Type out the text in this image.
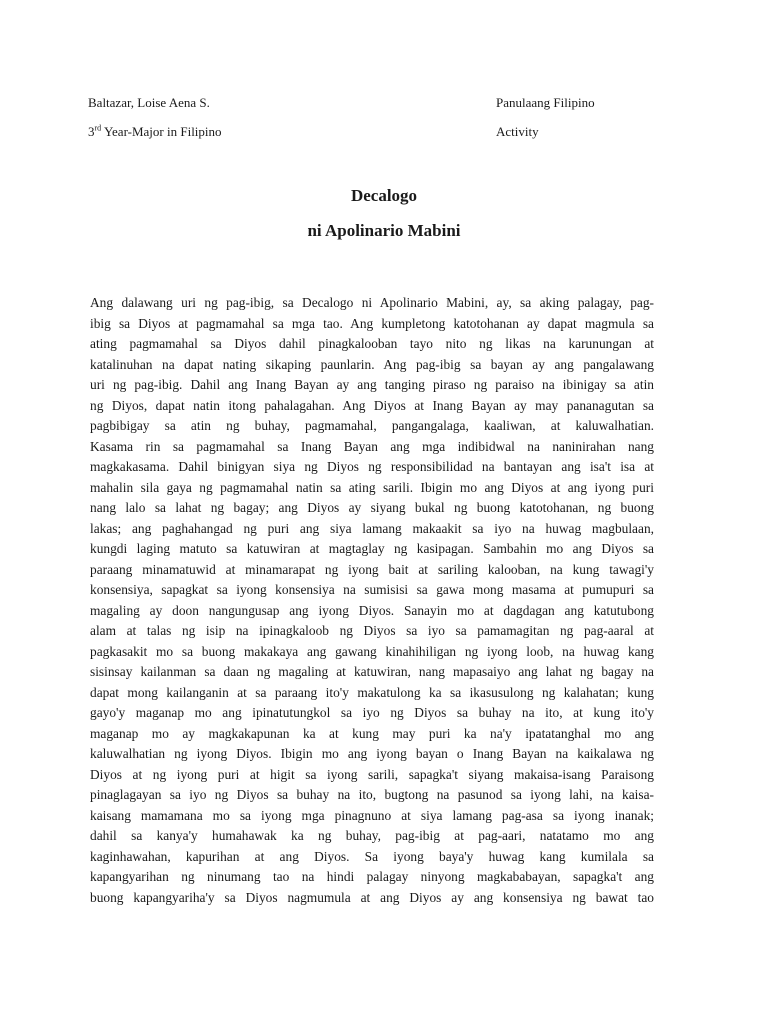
Baltazar, Loise Aena S.
3rd Year-Major in Filipino
Panulaang Filipino
Activity
Decalogo
ni Apolinario Mabini
Ang dalawang uri ng pag-ibig, sa Decalogo ni Apolinario Mabini, ay, sa aking palagay, pag-
ibig sa Diyos at pagmamahal sa mga tao. Ang kumpletong katotohanan ay dapat magmula sa
ating pagmamahal sa Diyos dahil pinagkalooban tayo nito ng likas na karunungan at
katalinuhan na dapat nating sikaping paunlarin. Ang pag-ibig sa bayan ay ang pangalawang
uri ng pag-ibig. Dahil ang Inang Bayan ay ang tanging piraso ng paraiso na ibinigay sa atin
ng Diyos, dapat natin itong pahalagahan. Ang Diyos at Inang Bayan ay may pananagutan sa
pagbibigay sa atin ng buhay, pagmamahal, pangangalaga, kaaliwan, at kaluwalhatian.
Kasama rin sa pagmamahal sa Inang Bayan ang mga indibidwal na naninirahan nang
magkakasama. Dahil binigyan siya ng Diyos ng responsibilidad na bantayan ang isa't isa at
mahalin sila gaya ng pagmamahal natin sa ating sarili. Ibigin mo ang Diyos at ang iyong puri
nang lalo sa lahat ng bagay; ang Diyos ay siyang bukal ng buong katotohanan, ng buong
lakas; ang paghahangad ng puri ang siya lamang makaakit sa iyo na huwag magbulaan,
kungdi laging matuto sa katuwiran at magtaglay ng kasipagan. Sambahin mo ang Diyos sa
paraang minamatuwid at minamarapat ng iyong bait at sariling kalooban, na kung tawagi'y
konsensiya, sapagkat sa iyong konsensiya na sumisisi sa gawa mong masama at pumupuri sa
magaling ay doon nangungusap ang iyong Diyos. Sanayin mo at dagdagan ang katutubong
alam at talas ng isip na ipinagkaloob ng Diyos sa iyo sa pamamagitan ng pag-aaral at
pagkasakit mo sa buong makakaya ang gawang kinahihiligan ng iyong loob, na huwag kang
sisinsay kailanman sa daan ng magaling at katuwiran, nang mapasaiyo ang lahat ng bagay na
dapat mong kailanganin at sa paraang ito'y makatulong ka sa ikasusulong ng kalahatan; kung
gayo'y maganap mo ang ipinatutungkol sa iyo ng Diyos sa buhay na ito, at kung ito'y
maganap mo ay magkakapunan ka at kung may puri ka na'y ipatatanghal mo ang
kaluwalhatian ng iyong Diyos. Ibigin mo ang iyong bayan o Inang Bayan na kaikalawa ng
Diyos at ng iyong puri at higit sa iyong sarili, sapagka't siyang makaisa-isang Paraisong
pinaglagayan sa iyo ng Diyos sa buhay na ito, bugtong na pasunod sa iyong lahi, na kaisa-
kaisang mamamana mo sa iyong mga pinagnuno at siya lamang pag-asa sa iyong inanak;
dahil sa kanya'y humahawak ka ng buhay, pag-ibig at pag-aari, natatamo mo ang
kaginhawahan, kapurihan at ang Diyos. Sa iyong baya'y huwag kang kumilala sa
kapangyarihan ng ninumang tao na hindi palagay ninyong magkababayan, sapagka't ang
buong kapangyariha'y sa Diyos nagmumula at ang Diyos ay ang konsensiya ng bawat tao
